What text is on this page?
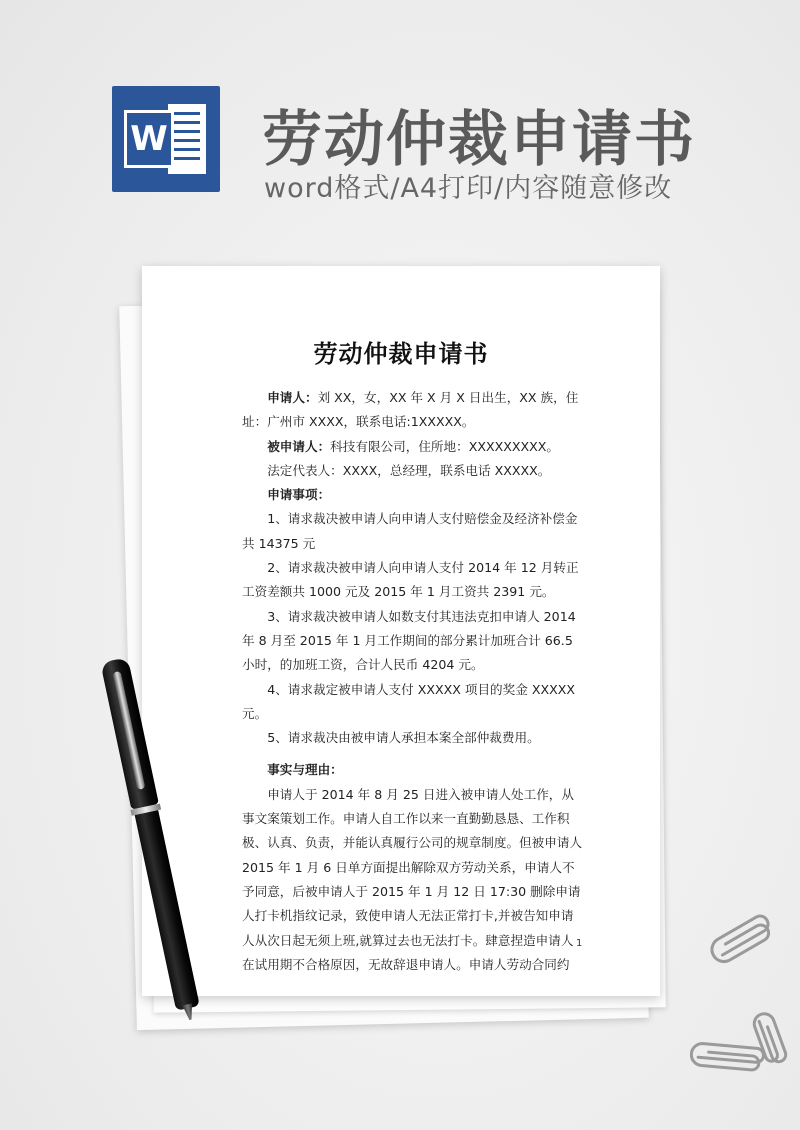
W 劳动仲裁申请书
word格式/A4打印/内容随意修改
劳动仲裁申请书

申请人：刘 XX，女，XX 年 X 月 X 日出生，XX 族，住址：广州市 XXXX，联系电话:1XXXXX。

被申请人：科技有限公司，住所地：XXXXXXXXX。

法定代表人：XXXX，总经理，联系电话 XXXXX。

申请事项：

1、请求裁决被申请人向申请人支付赔偿金及经济补偿金共 14375 元

2、请求裁决被申请人向申请人支付 2014 年 12 月转正工资差额共 1000 元及 2015 年 1 月工资共 2391 元。

3、请求裁决被申请人如数支付其违法克扣申请人 2014 年 8 月至 2015 年 1 月工作期间的部分累计加班合计 66.5 小时，的加班工资，合计人民币 4204 元。

4、请求裁定被申请人支付 XXXXX 项目的奖金 XXXXX 元。

5、请求裁决由被申请人承担本案全部仲裁费用。

事实与理由：

申请人于 2014 年 8 月 25 日进入被申请人处工作，从事文案策划工作。申请人自工作以来一直勤勤恳恳、工作积极、认真、负责，并能认真履行公司的规章制度。但被申请人 2015 年 1 月 6 日单方面提出解除双方劳动关系，申请人不予同意，后被申请人于 2015 年 1 月 12 日 17:30 删除申请人打卡机指纹记录，致使申请人无法正常打卡,并被告知申请人从次日起无须上班,就算过去也无法打卡。肆意捏造申请人在试用期不合格原因，无故辞退申请人。申请人劳动合同约

1
